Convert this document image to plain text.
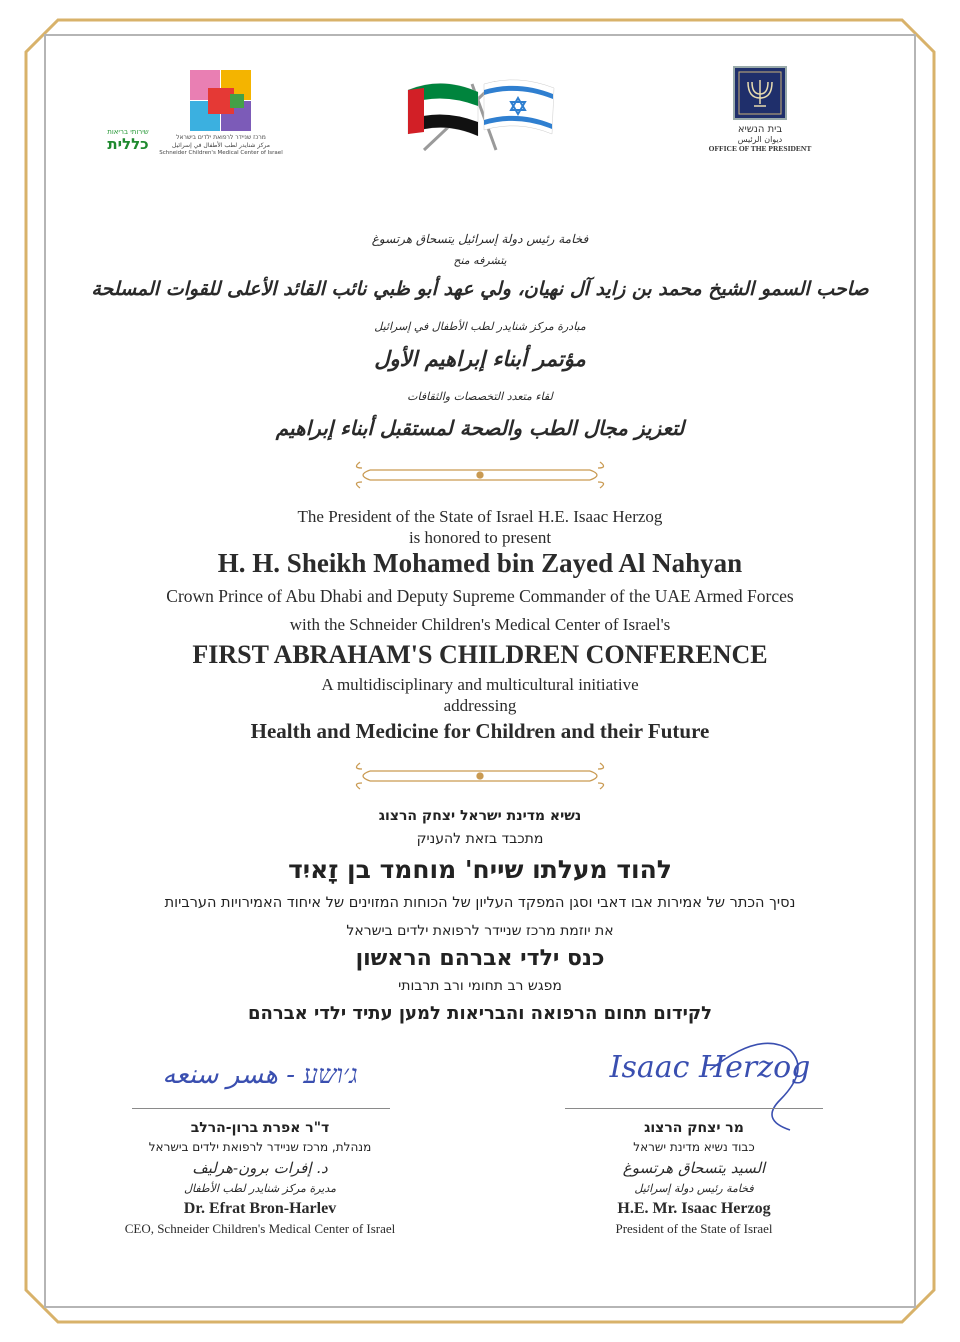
שירותי בריאות
כללית	מרכז שניידר לרפואת ילדים בישראל
مركز شنايدر لطب الأطفال في إسرائيل
Schneider Children's Medical Center of Israel
בית הנשיא
ديوان الرئيس
OFFICE OF THE PRESIDENT
فخامة رئيس دولة إسرائيل يتسحاق هرتسوغ
يتشرفه منح
صاحب السمو الشيخ محمد بن زايد آل نهيان، ولي عهد أبو ظبي نائب القائد الأعلى للقوات المسلحة
مبادرة مركز شنايدر لطب الأطفال في إسرائيل
مؤتمر أبناء إبراهيم الأول
لقاء متعدد التخصصات والثقافات
لتعزيز مجال الطب والصحة لمستقبل أبناء إبراهيم
The President of the State of Israel H.E. Isaac Herzog
is honored to present
H. H. Sheikh Mohamed bin Zayed Al Nahyan
Crown Prince of Abu Dhabi and Deputy Supreme Commander of the UAE Armed Forces
with the Schneider Children's Medical Center of Israel's
FIRST ABRAHAM'S CHILDREN CONFERENCE
A multidisciplinary and multicultural initiative
addressing
Health and Medicine for Children and their Future
נשיא מדינת ישראל יצחק הרצוג
מתכבד בזאת להעניק
להוד מעלתו שייח' מוחמד בן זָאיִד
נסיך הכתר של אמירות אבו דאבי וסגן המפקד העליון של הכוחות המזוינים של איחוד האמירויות הערביות
את יוזמת מרכז שניידר לרפואת ילדים בישראל
כנס ילדי אברהם הראשון
מפגש רב תחומי ורב תרבותי
לקידום תחום הרפואה והבריאות למען עתיד ילדי אברהם
ג׳ושע - ھسر سنعه	Isaac Herzog
ד"ר אפרת ברון-הרלב
מנהלת, מרכז שניידר לרפואת ילדים בישראל
د. إفرات برون-هرليف
مديرة مركز شنايدر لطب الأطفال
Dr. Efrat Bron-Harlev
CEO, Schneider Children's Medical Center of Israel
מר יצחק הרצוג
כבוד נשיא מדינת ישראל
السيد يتسحاق هرتسوغ
فخامة رئيس دولة إسرائيل
H.E. Mr. Isaac Herzog
President of the State of Israel
